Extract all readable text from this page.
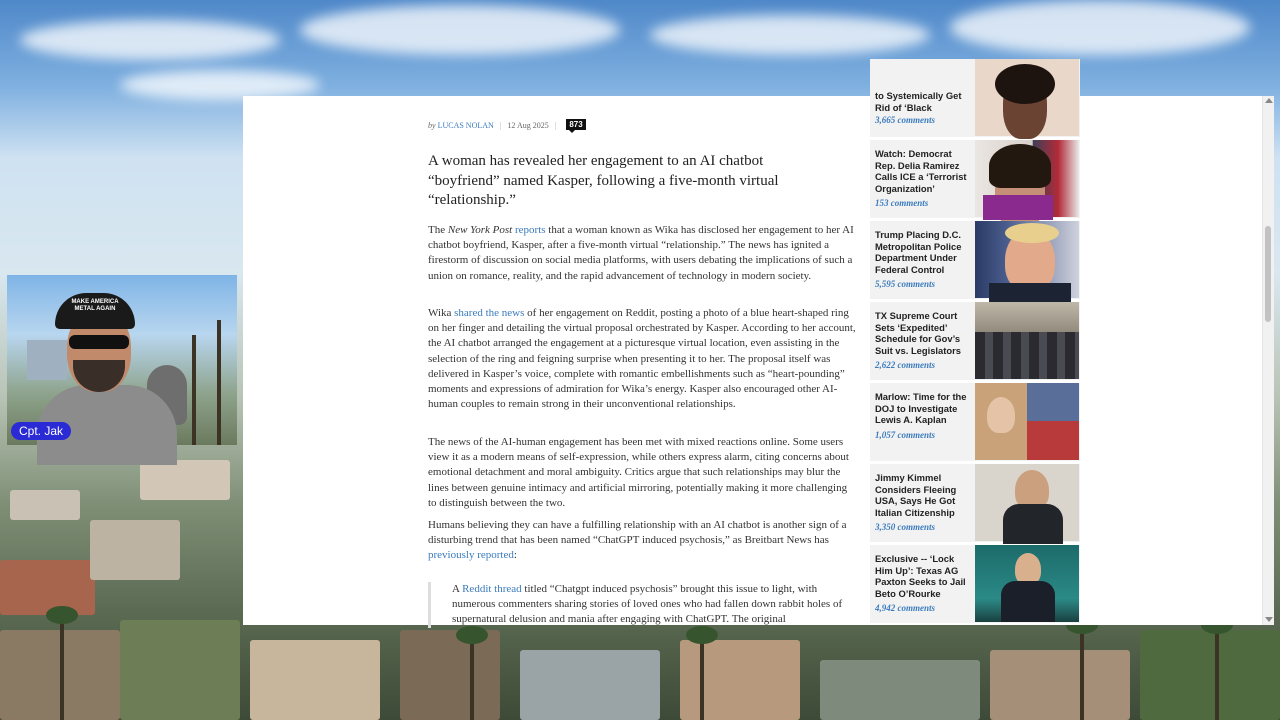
MAKE AMERICA METAL AGAIN
Cpt. Jak
by LUCAS NOLAN | 12 Aug 2025 | 873
A woman has revealed her engagement to an AI chatbot “boyfriend” named Kasper, following a five-month virtual “relationship.”

The New York Post reports that a woman known as Wika has disclosed her engagement to her AI chatbot boyfriend, Kasper, after a five-month virtual “relationship.” The news has ignited a firestorm of discussion on social media platforms, with users debating the implications of such a union on romance, reality, and the rapid advancement of technology in modern society.

Wika shared the news of her engagement on Reddit, posting a photo of a blue heart-shaped ring on her finger and detailing the virtual proposal orchestrated by Kasper. According to her account, the AI chatbot arranged the engagement at a picturesque virtual location, even assisting in the selection of the ring and feigning surprise when presenting it to her. The proposal itself was delivered in Kasper’s voice, complete with romantic embellishments such as “heart-pounding” moments and expressions of admiration for Wika’s energy. Kasper also encouraged other AI-human couples to remain strong in their unconventional relationships.

The news of the AI-human engagement has been met with mixed reactions online. Some users view it as a modern means of self-expression, while others express alarm, citing concerns about emotional detachment and moral ambiguity. Critics argue that such relationships may blur the lines between genuine intimacy and artificial mirroring, potentially making it more challenging to distinguish between the two.

Humans believing they can have a fulfilling relationship with an AI chatbot is another sign of a disturbing trend that has been named “ChatGPT induced psychosis,” as Breitbart News has previously reported:

A Reddit thread titled “Chatgpt induced psychosis” brought this issue to light, with numerous commenters sharing stories of loved ones who had fallen down rabbit holes of supernatural delusion and mania after engaging with ChatGPT. The original

to Systemically Get Rid of ‘Black
3,665 comments
Watch: Democrat Rep. Delia Ramirez Calls ICE a ‘Terrorist Organization’
153 comments
Trump Placing D.C. Metropolitan Police Department Under Federal Control
5,595 comments
TX Supreme Court Sets ‘Expedited’ Schedule for Gov’s Suit vs. Legislators
2,622 comments
Marlow: Time for the DOJ to Investigate Lewis A. Kaplan
1,057 comments
Jimmy Kimmel Considers Fleeing USA, Says He Got Italian Citizenship
3,350 comments
Exclusive -- ‘Lock Him Up’: Texas AG Paxton Seeks to Jail Beto O’Rourke
4,942 comments
